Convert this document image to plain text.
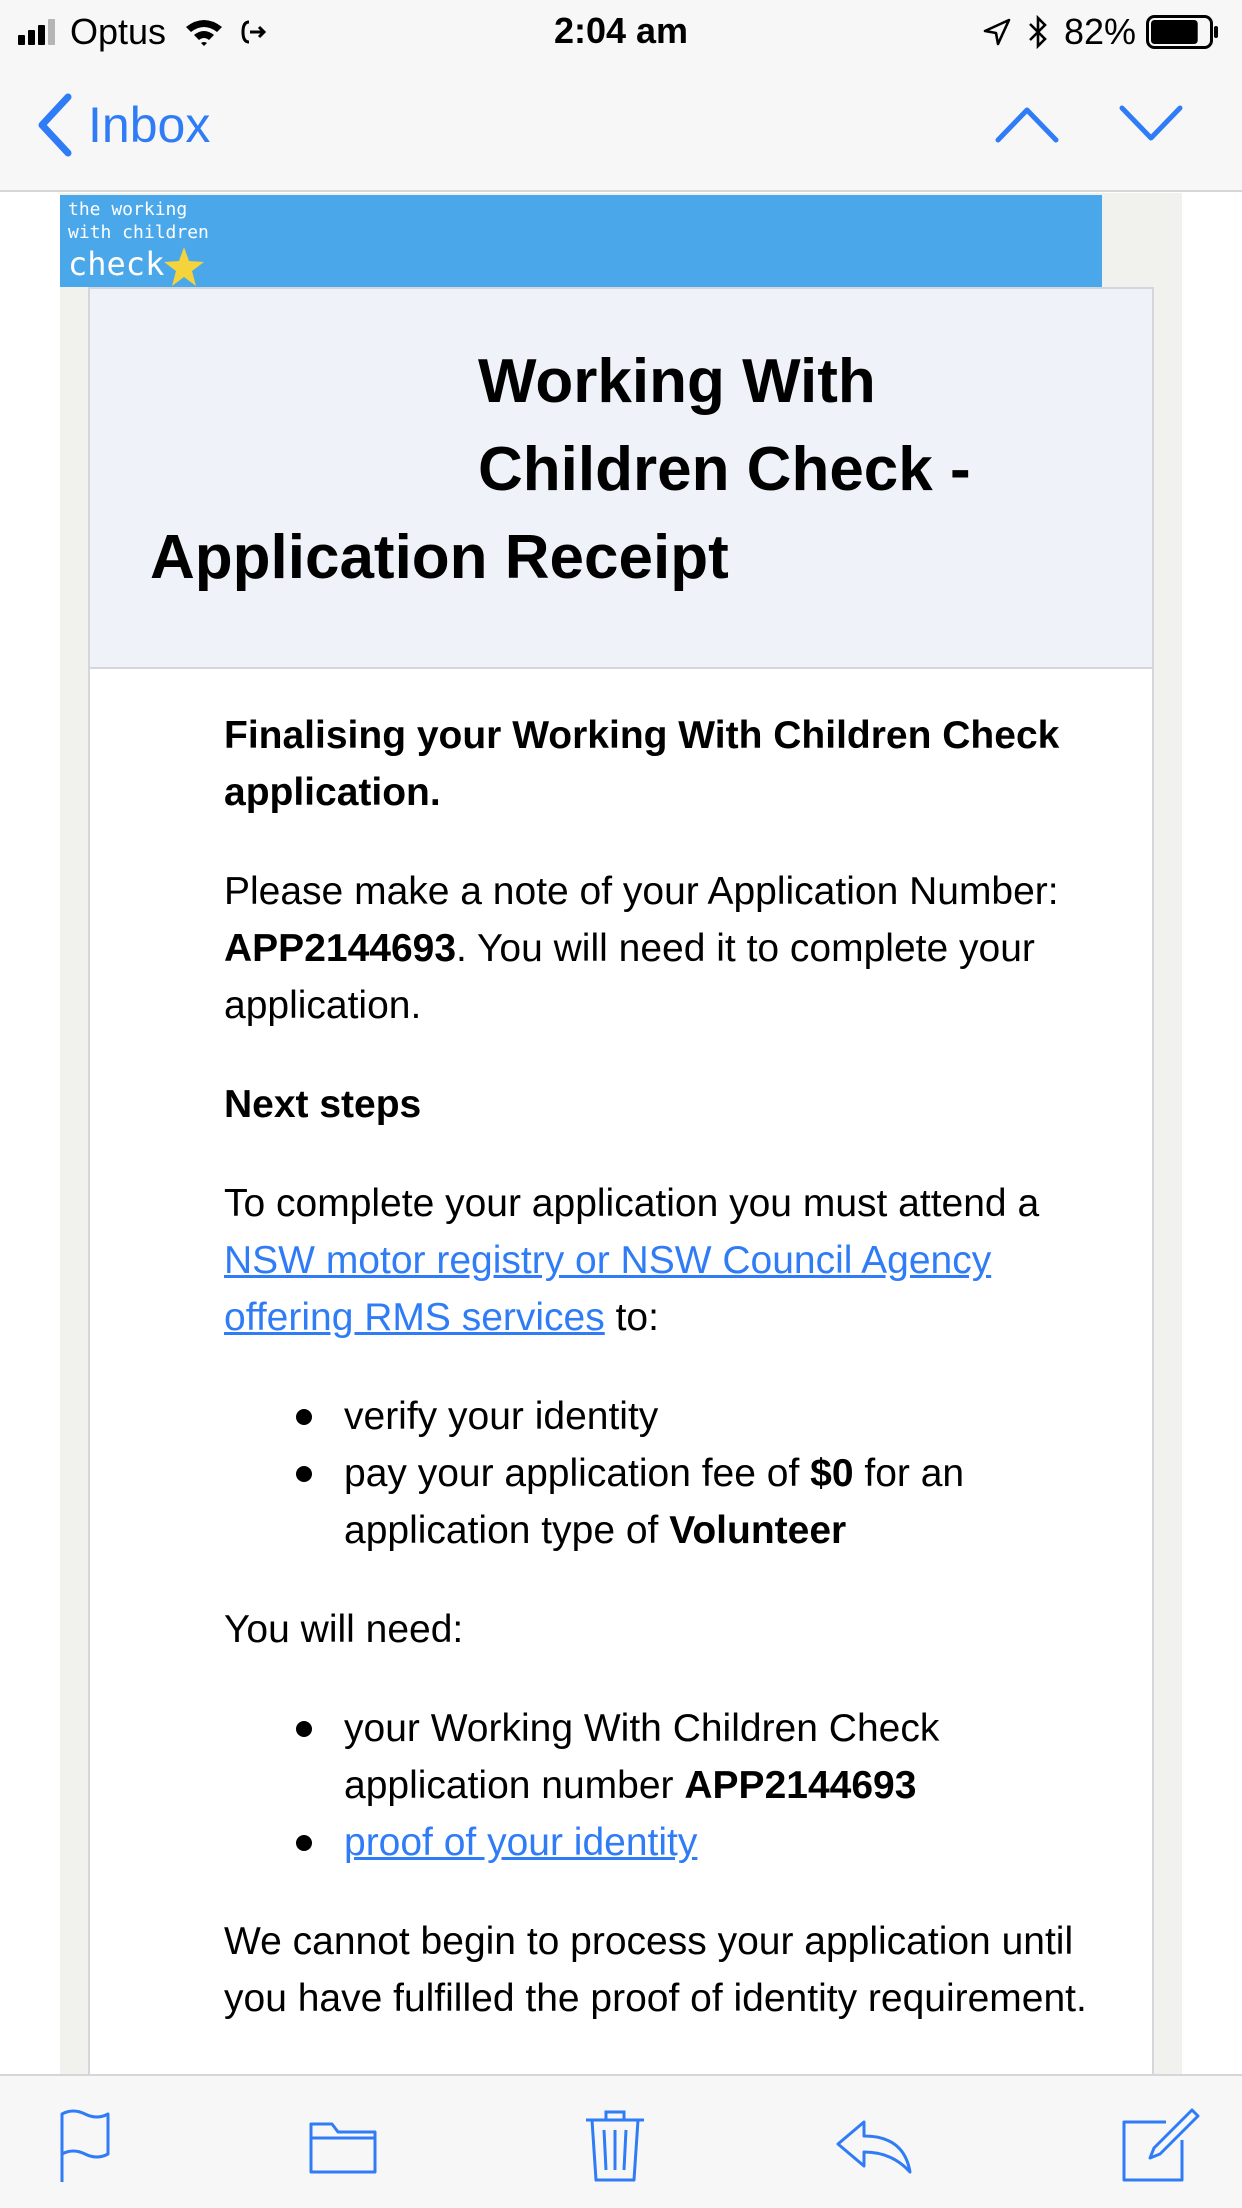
Optus	2:04 am	82%
Inbox
the working
with children
check
Working With
Children Check -
Application Receipt

Finalising your Working With Children Check application.

Please make a note of your Application Number: APP2144693. You will need it to complete your application.

Next steps

To complete your application you must attend a NSW motor registry or NSW Council Agency offering RMS services to:

verify your identity
pay your application fee of $0 for an application type of Volunteer

You will need:

your Working With Children Check application number APP2144693
proof of your identity

We cannot begin to process your application until you have fulfilled the proof of identity requirement.
